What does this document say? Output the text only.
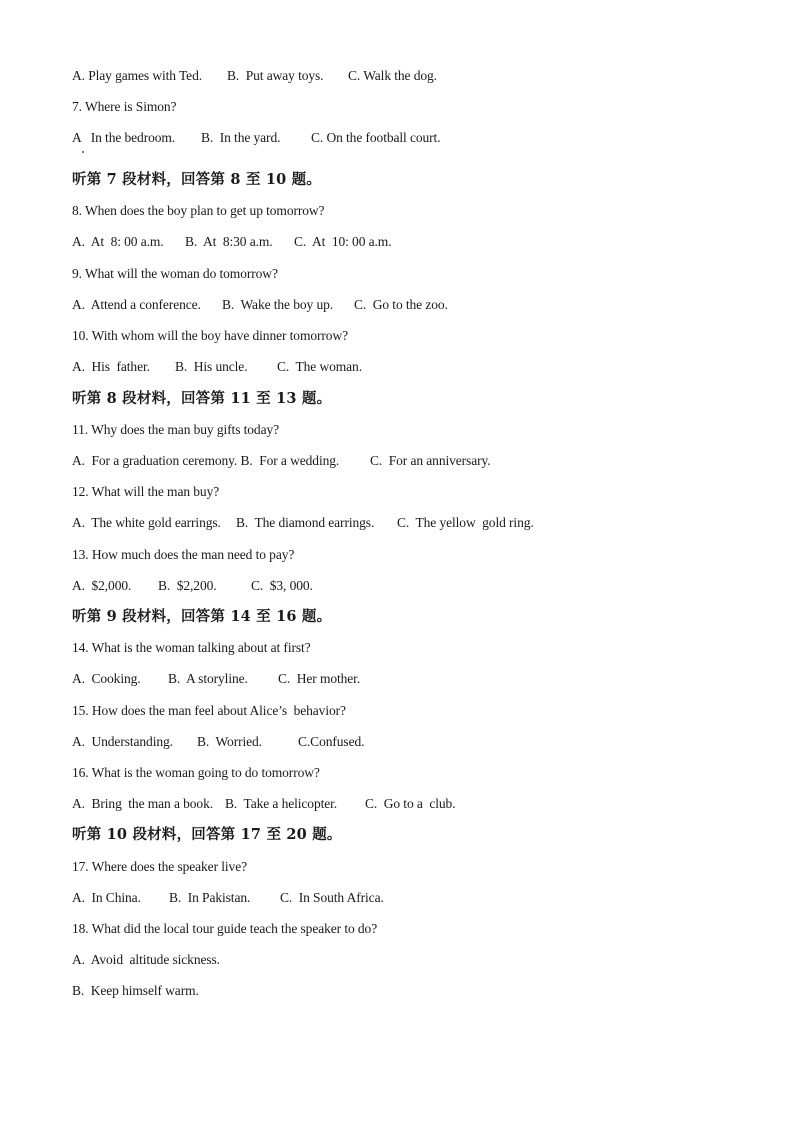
A. Play games with Ted. B.  Put away toys. C. Walk the dog.
7. Where is Simon?
A   In the bedroom. B.  In the yard. C. On the football court.
听第 7 段材料，回答第 8 至 10 题。
8. When does the boy plan to get up tomorrow?
A.  At  8: 00 a.m. B.  At  8:30 a.m. C.  At  10: 00 a.m.
9. What will the woman do tomorrow?
A.  Attend a conference. B.  Wake the boy up. C.  Go to the zoo.
10. With whom will the boy have dinner tomorrow?
A.  His  father. B.  His uncle. C.  The woman.
听第 8 段材料，回答第 11 至 13 题。
11. Why does the man buy gifts today?
A.  For a graduation ceremony. B.  For a wedding. C.  For an anniversary.
12. What will the man buy?
A.  The white gold earrings. B.  The diamond earrings. C.  The yellow  gold ring.
13. How much does the man need to pay?
A.  $2,000. B.  $2,200.	C.  $3, 000.
听第 9 段材料，回答第 14 至 16 题。
14. What is the woman talking about at first?
A.  Cooking. B.  A storyline. C.  Her mother.
15. How does the man feel about Alice’s  behavior?
A.  Understanding. B.  Worried.	C.Confused.
16. What is the woman going to do tomorrow?
A.  Bring  the man a book. B.  Take a helicopter. C.  Go to a  club.
听第 10 段材料，回答第 17 至 20 题。
17. Where does the speaker live?
A.  In China. B.  In Pakistan. C.  In South Africa.
18. What did the local tour guide teach the speaker to do?
A.  Avoid  altitude sickness.
B.  Keep himself warm.
